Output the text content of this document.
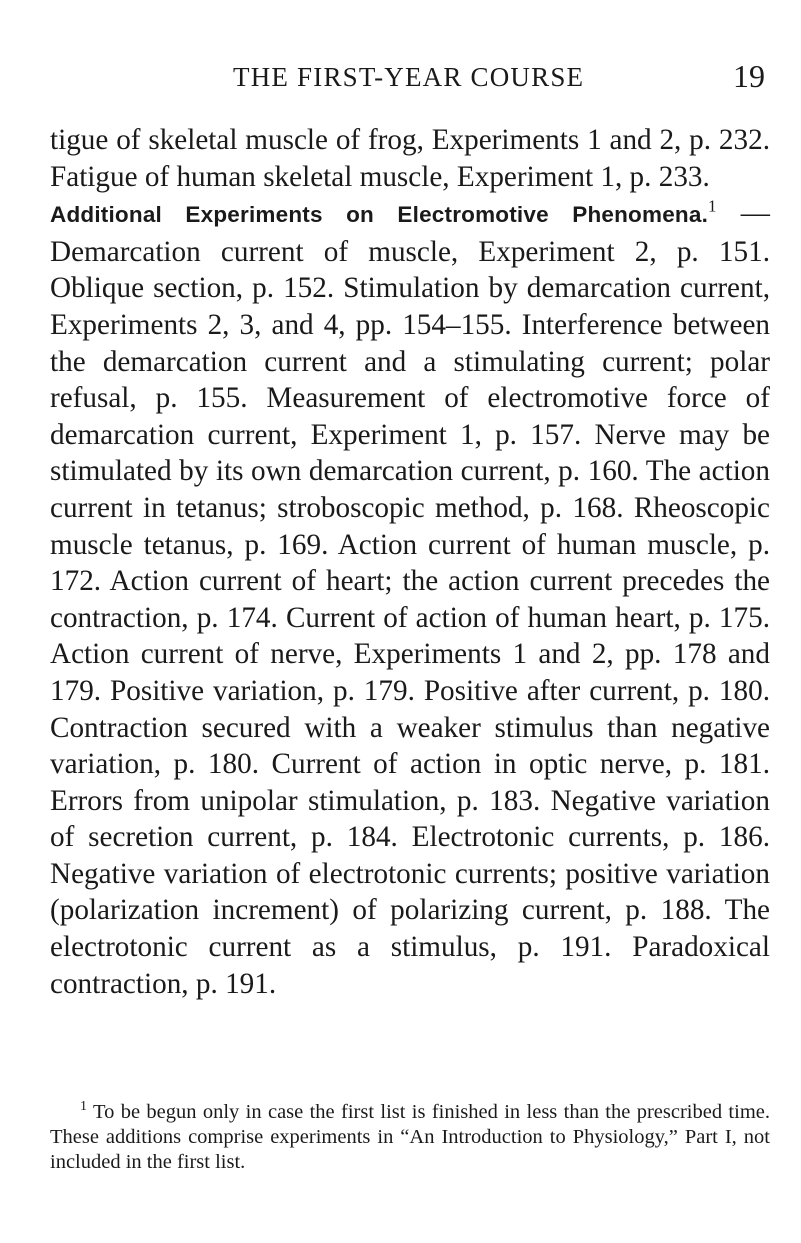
THE FIRST-YEAR COURSE	19

tigue of skeletal muscle of frog, Experiments 1 and 2, p. 232. Fatigue of human skeletal muscle, Experiment 1, p. 233.

Additional Experiments on Electromotive Phenomena.$^1$ — Demarcation current of muscle, Experiment 2, p. 151. Oblique section, p. 152. Stimulation by demarcation current, Experiments 2, 3, and 4, pp. 154–155. Interference between the demarcation current and a stimulating current; polar refusal, p. 155. Measurement of electromotive force of demarcation current, Experiment 1, p. 157. Nerve may be stimulated by its own demarcation current, p. 160. The action current in tetanus; stroboscopic method, p. 168. Rheoscopic muscle tetanus, p. 169. Action current of human muscle, p. 172. Action current of heart; the action current precedes the contraction, p. 174. Current of action of human heart, p. 175. Action current of nerve, Experiments 1 and 2, pp. 178 and 179. Positive variation, p. 179. Positive after current, p. 180. Contraction secured with a weaker stimulus than negative variation, p. 180. Current of action in optic nerve, p. 181. Errors from unipolar stimulation, p. 183. Negative variation of secretion current, p. 184. Electrotonic currents, p. 186. Negative variation of electrotonic currents; positive variation (polarization increment) of polarizing current, p. 188. The electrotonic current as a stimulus, p. 191. Paradoxical contraction, p. 191.

$^1$ To be begun only in case the first list is finished in less than the prescribed time. These additions comprise experiments in “An Introduction to Physiology,” Part I, not included in the first list.
